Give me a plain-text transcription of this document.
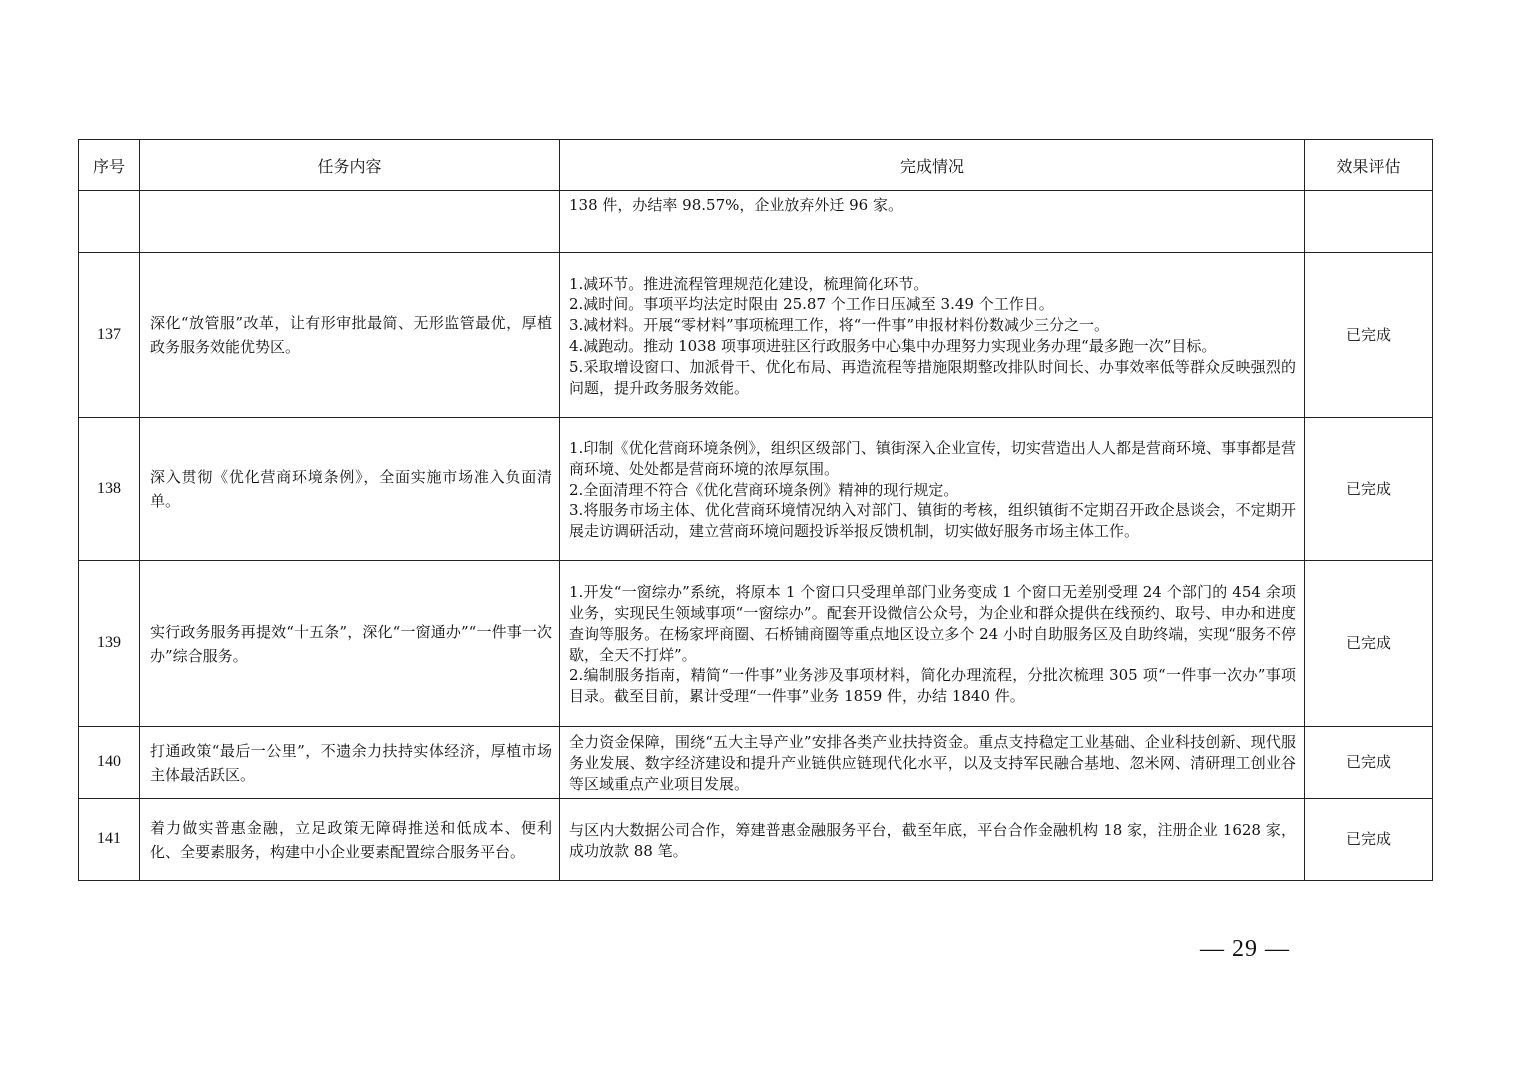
序号	任务内容	完成情况	效果评估
		138 件，办结率 98.57%，企业放弃外迁 96 家。	
137	深化“放管服”改革，让有形审批最简、无形监管最优，厚植政务服务效能优势区。	1.减环节。推进流程管理规范化建设，梳理简化环节。
2.减时间。事项平均法定时限由 25.87 个工作日压减至 3.49 个工作日。
3.减材料。开展“零材料”事项梳理工作，将“一件事”申报材料份数减少三分之一。
4.减跑动。推动 1038 项事项进驻区行政服务中心集中办理努力实现业务办理“最多跑一次”目标。
5.采取增设窗口、加派骨干、优化布局、再造流程等措施限期整改排队时间长、办事效率低等群众反映强烈的问题，提升政务服务效能。	已完成
138	深入贯彻《优化营商环境条例》，全面实施市场准入负面清单。	1.印制《优化营商环境条例》，组织区级部门、镇街深入企业宣传，切实营造出人人都是营商环境、事事都是营商环境、处处都是营商环境的浓厚氛围。
2.全面清理不符合《优化营商环境条例》精神的现行规定。
3.将服务市场主体、优化营商环境情况纳入对部门、镇街的考核，组织镇街不定期召开政企恳谈会，不定期开展走访调研活动，建立营商环境问题投诉举报反馈机制，切实做好服务市场主体工作。	已完成
139	实行政务服务再提效“十五条”，深化“一窗通办”“一件事一次办”综合服务。	1.开发“一窗综办”系统，将原本 1 个窗口只受理单部门业务变成 1 个窗口无差别受理 24 个部门的 454 余项业务，实现民生领域事项“一窗综办”。配套开设微信公众号，为企业和群众提供在线预约、取号、申办和进度查询等服务。在杨家坪商圈、石桥铺商圈等重点地区设立多个 24 小时自助服务区及自助终端，实现“服务不停歇，全天不打烊”。
2.编制服务指南，精简“一件事”业务涉及事项材料，简化办理流程，分批次梳理 305 项“一件事一次办”事项目录。截至目前，累计受理“一件事”业务 1859 件，办结 1840 件。	已完成
140	打通政策“最后一公里”，不遗余力扶持实体经济，厚植市场主体最活跃区。	全力资金保障，围绕“五大主导产业”安排各类产业扶持资金。重点支持稳定工业基础、企业科技创新、现代服务业发展、数字经济建设和提升产业链供应链现代化水平，以及支持军民融合基地、忽米网、清研理工创业谷等区域重点产业项目发展。	已完成
141	着力做实普惠金融，立足政策无障碍推送和低成本、便利化、全要素服务，构建中小企业要素配置综合服务平台。	与区内大数据公司合作，筹建普惠金融服务平台，截至年底，平台合作金融机构 18 家，注册企业 1628 家，成功放款 88 笔。	已完成
— 29 —
